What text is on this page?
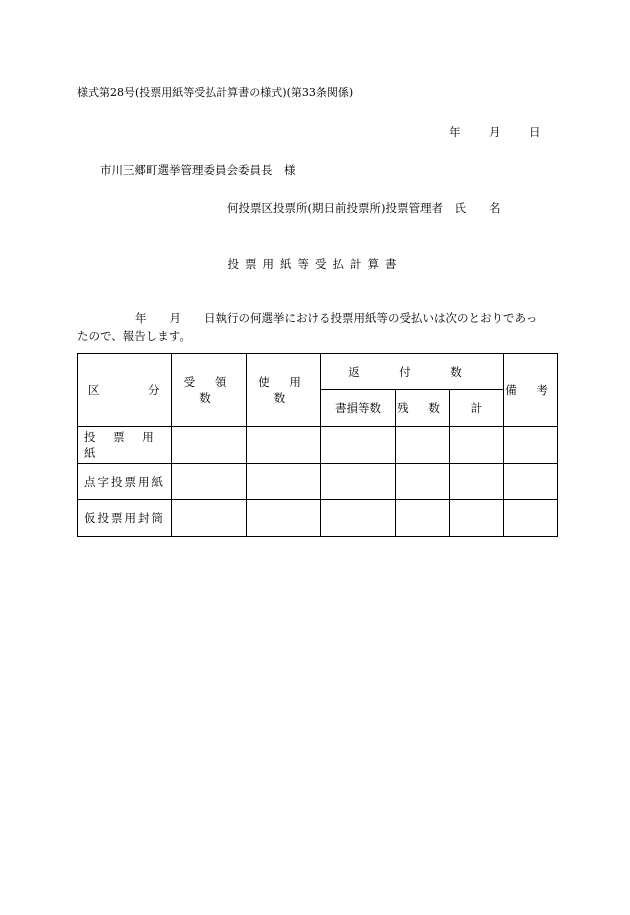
様式第28号(投票用紙等受払計算書の様式)(第33条関係)
年 月 日
市川三郷町選挙管理委員会委員長　様
何投票区投票所(期日前投票所)投票管理者　氏　　名
投票用紙等受払計算書
年　　月　　日執行の何選挙における投票用紙等の受払いは次のとおりであっ
たので、報告します。
区 分	受 領 数	使 用 数	返　付　数			備 考
			書損等数	残 数	計	
投 票 用 紙						
点字投票用紙						
仮投票用封筒						
